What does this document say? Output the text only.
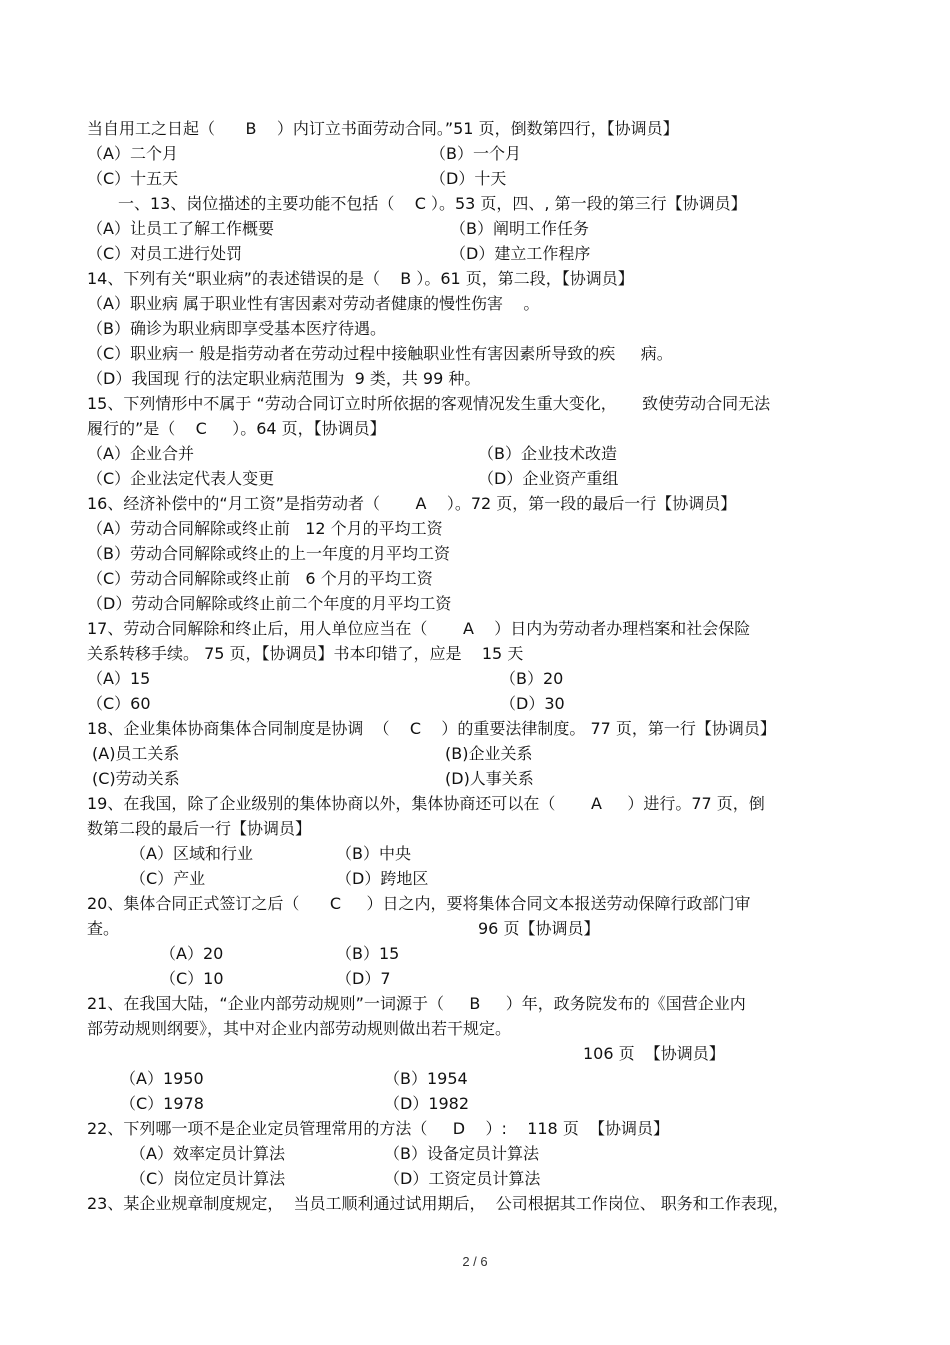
当自用工之日起（      B    ）内订立书面劳动合同。”51 页，倒数第四行，【协调员】
（A）二个月	（B）一个月
（C）十五天	（D）十天
一、13、岗位描述的主要功能不包括（    C ）。53 页，四、, 第一段的第三行【协调员】
（A）让员工了解工作概要	（B）阐明工作任务
（C）对员工进行处罚	（D）建立工作程序
14、下列有关“职业病”的表述错误的是（    B ）。61 页，第二段，【协调员】
（A）职业病 属于职业性有害因素对劳动者健康的慢性伤害    。
（B）确诊为职业病即享受基本医疗待遇。
（C）职业病一 般是指劳动者在劳动过程中接触职业性有害因素所导致的疾     病。
（D）我国现 行的法定职业病范围为  9 类，共 99 种。
15、下列情形中不属于 “劳动合同订立时所依据的客观情况发生重大变化，     致使劳动合同无法
履行的”是（    C     ）。64 页，【协调员】
（A）企业合并	（B）企业技术改造
（C）企业法定代表人变更	（D）企业资产重组
16、经济补偿中的“月工资”是指劳动者（       A    ）。72 页，第一段的最后一行【协调员】
（A）劳动合同解除或终止前   12 个月的平均工资
（B）劳动合同解除或终止的上一年度的月平均工资
（C）劳动合同解除或终止前   6 个月的平均工资
（D）劳动合同解除或终止前二个年度的月平均工资
17、劳动合同解除和终止后，用人单位应当在（       A    ）日内为劳动者办理档案和社会保险
关系转移手续。 75 页，【协调员】书本印错了，应是    15 天
（A）15	（B）20
（C）60	（D）30
18、企业集体协商集体合同制度是协调  （    C    ）的重要法律制度。 77 页，第一行【协调员】
(A)员工关系	(B)企业关系
(C)劳动关系	(D)人事关系
19、在我国，除了企业级别的集体协商以外，集体协商还可以在（       A     ）进行。77 页，倒
数第二段的最后一行【协调员】
（A）区域和行业	（B）中央
（C）产业	（D）跨地区
20、集体合同正式签订之后（      C     ）日之内，要将集体合同文本报送劳动保障行政部门审
查。	96 页【协调员】
（A）20	（B）15
（C）10	（D）7
21、在我国大陆，“企业内部劳动规则”一词源于（     B     ）年，政务院发布的《国营企业内
部劳动规则纲要》，其中对企业内部劳动规则做出若干规定。
106 页  【协调员】
（A）1950	（B）1954
（C）1978	（D）1982
22、下列哪一项不是企业定员管理常用的方法（     D    ）:    118 页  【协调员】
（A）效率定员计算法	（B）设备定员计算法
（C）岗位定员计算法	（D）工资定员计算法
23、某企业规章制度规定，  当员工顺利通过试用期后，  公司根据其工作岗位、 职务和工作表现，
2 / 6
